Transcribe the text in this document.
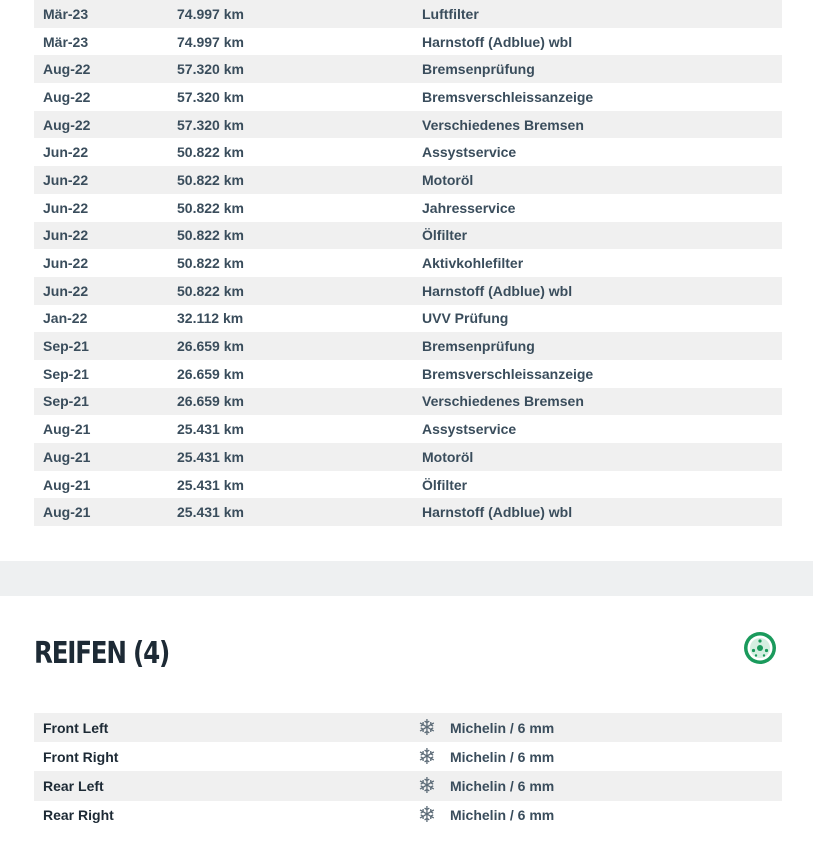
Mär-23	74.997 km	Luftfilter
Mär-23	74.997 km	Harnstoff (Adblue) wbl
Aug-22	57.320 km	Bremsenprüfung
Aug-22	57.320 km	Bremsverschleissanzeige
Aug-22	57.320 km	Verschiedenes Bremsen
Jun-22	50.822 km	Assystservice
Jun-22	50.822 km	Motoröl
Jun-22	50.822 km	Jahresservice
Jun-22	50.822 km	Ölfilter
Jun-22	50.822 km	Aktivkohlefilter
Jun-22	50.822 km	Harnstoff (Adblue) wbl
Jan-22	32.112 km	UVV Prüfung
Sep-21	26.659 km	Bremsenprüfung
Sep-21	26.659 km	Bremsverschleissanzeige
Sep-21	26.659 km	Verschiedenes Bremsen
Aug-21	25.431 km	Assystservice
Aug-21	25.431 km	Motoröl
Aug-21	25.431 km	Ölfilter
Aug-21	25.431 km	Harnstoff (Adblue) wbl
REIFEN (4)
Front Left	❄ Michelin / 6 mm
Front Right	❄ Michelin / 6 mm
Rear Left	❄ Michelin / 6 mm
Rear Right	❄ Michelin / 6 mm
